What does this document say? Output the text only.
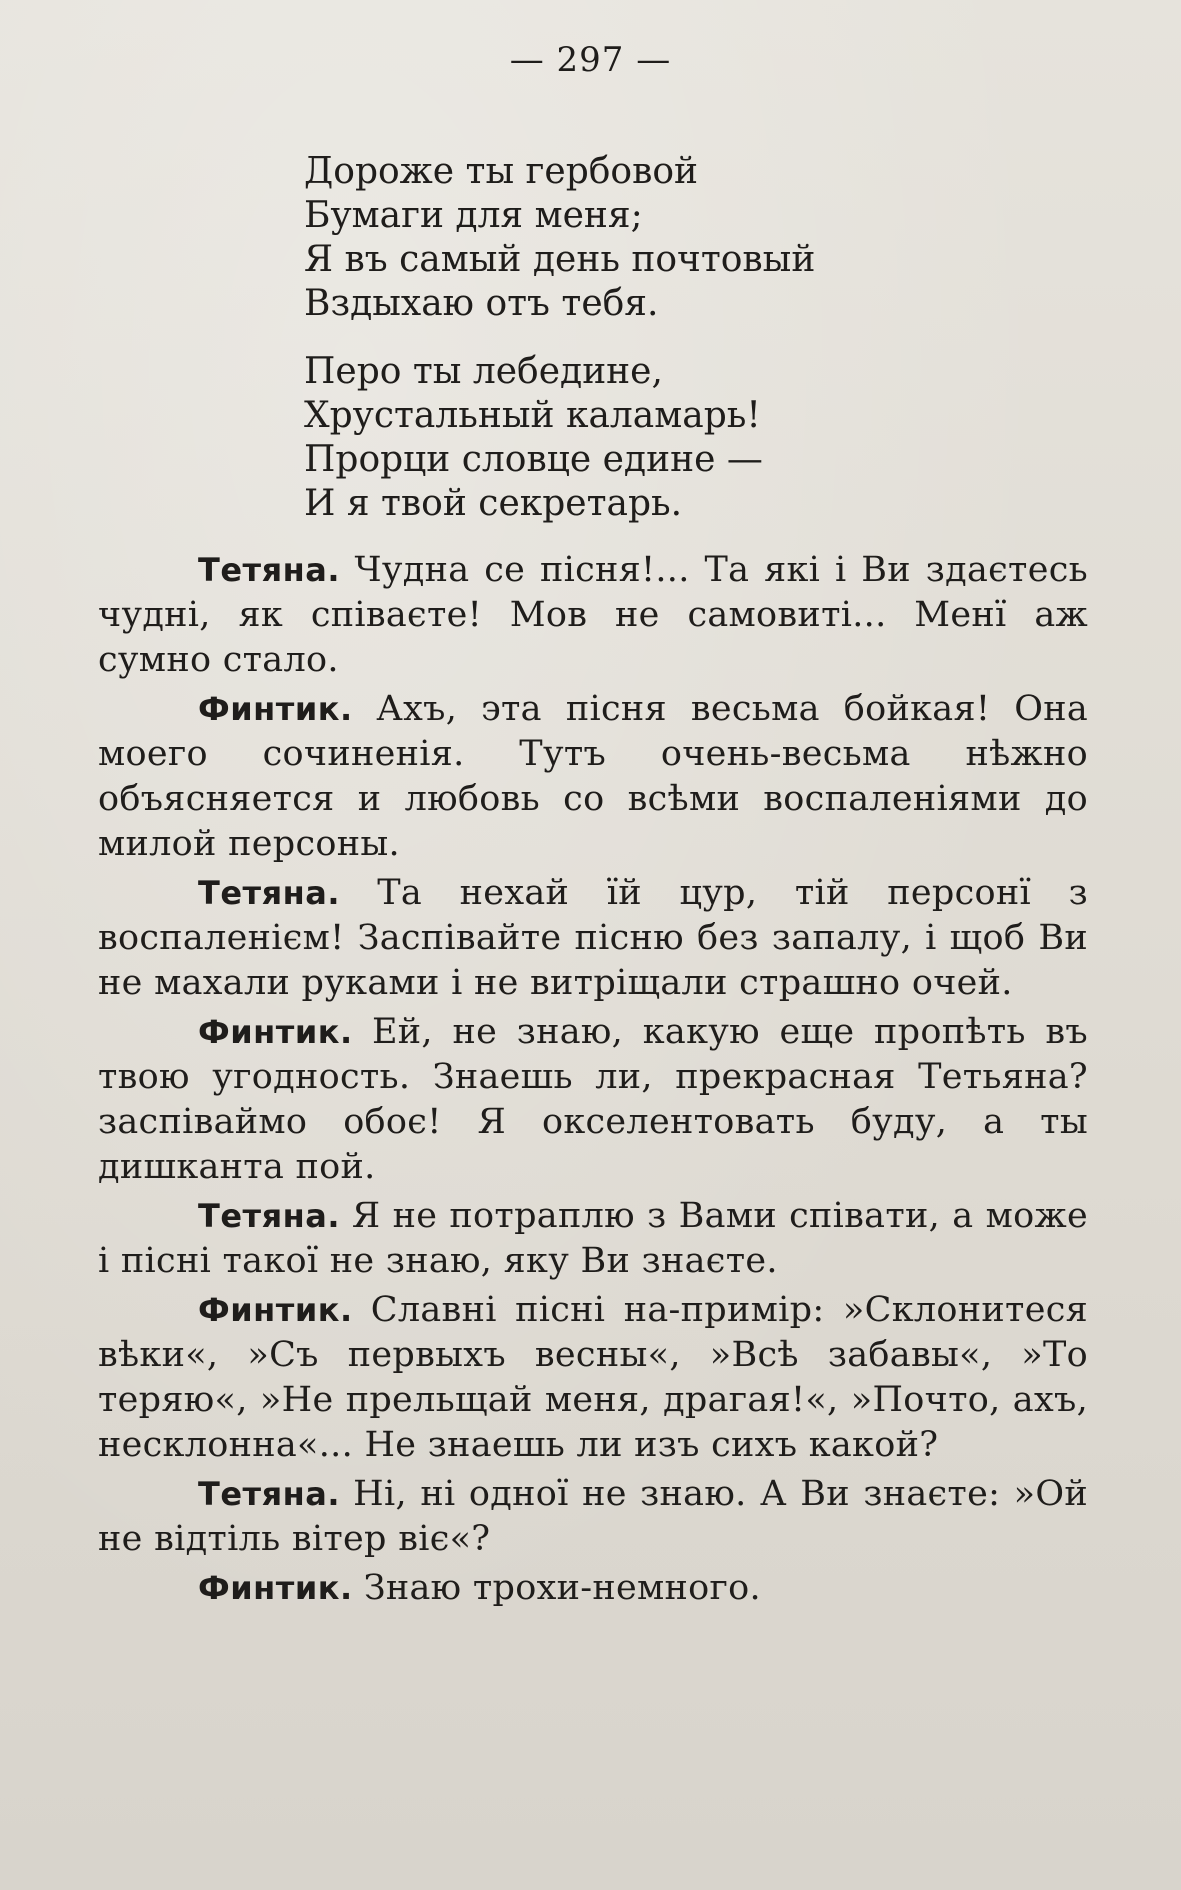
— 297 —
Дороже ты гербовой
Бумаги для меня;
Я въ самый день почтовый
Вздыхаю отъ тебя.
Перо ты лебедине,
Хрустальный каламарь!
Прорци словце едине —
И я твой секретарь.

Тетяна. Чудна се пісня!... Та які і Ви здаєтесь чудні, як співаєте! Мов не самовиті... Менї аж сумно стало.

Финтик. Ахъ, эта пісня весьма бойкая! Она моего сочиненія. Тутъ очень-весьма нѣжно объясняется и любовь со всѣми воспаленіями до милой персоны.

Тетяна. Та нехай їй цур, тій персонї з воспаленієм! Заспівайте пісню без запалу, і щоб Ви не махали руками і не витріщали страшно очей.

Финтик. Ей, не знаю, какую еще пропѣть въ твою угодность. Знаешь ли, прекрасная Тетьяна? заспіваймо обоє! Я окселентовать буду, а ты дишканта пой.

Тетяна. Я не потраплю з Вами співати, а може і пісні такої не знаю, яку Ви знаєте.

Финтик. Славні пісні на-примір: »Склонитеся вѣки«, »Съ первыхъ весны«, »Всѣ забавы«, »То теряю«, »Не прельщай меня, драгая!«, »Почто, ахъ, несклонна«... Не знаешь ли изъ сихъ какой?

Тетяна. Ні, ні одної не знаю. А Ви знаєте: »Ой не відтіль вітер віє«?

Финтик. Знаю трохи-немного.
